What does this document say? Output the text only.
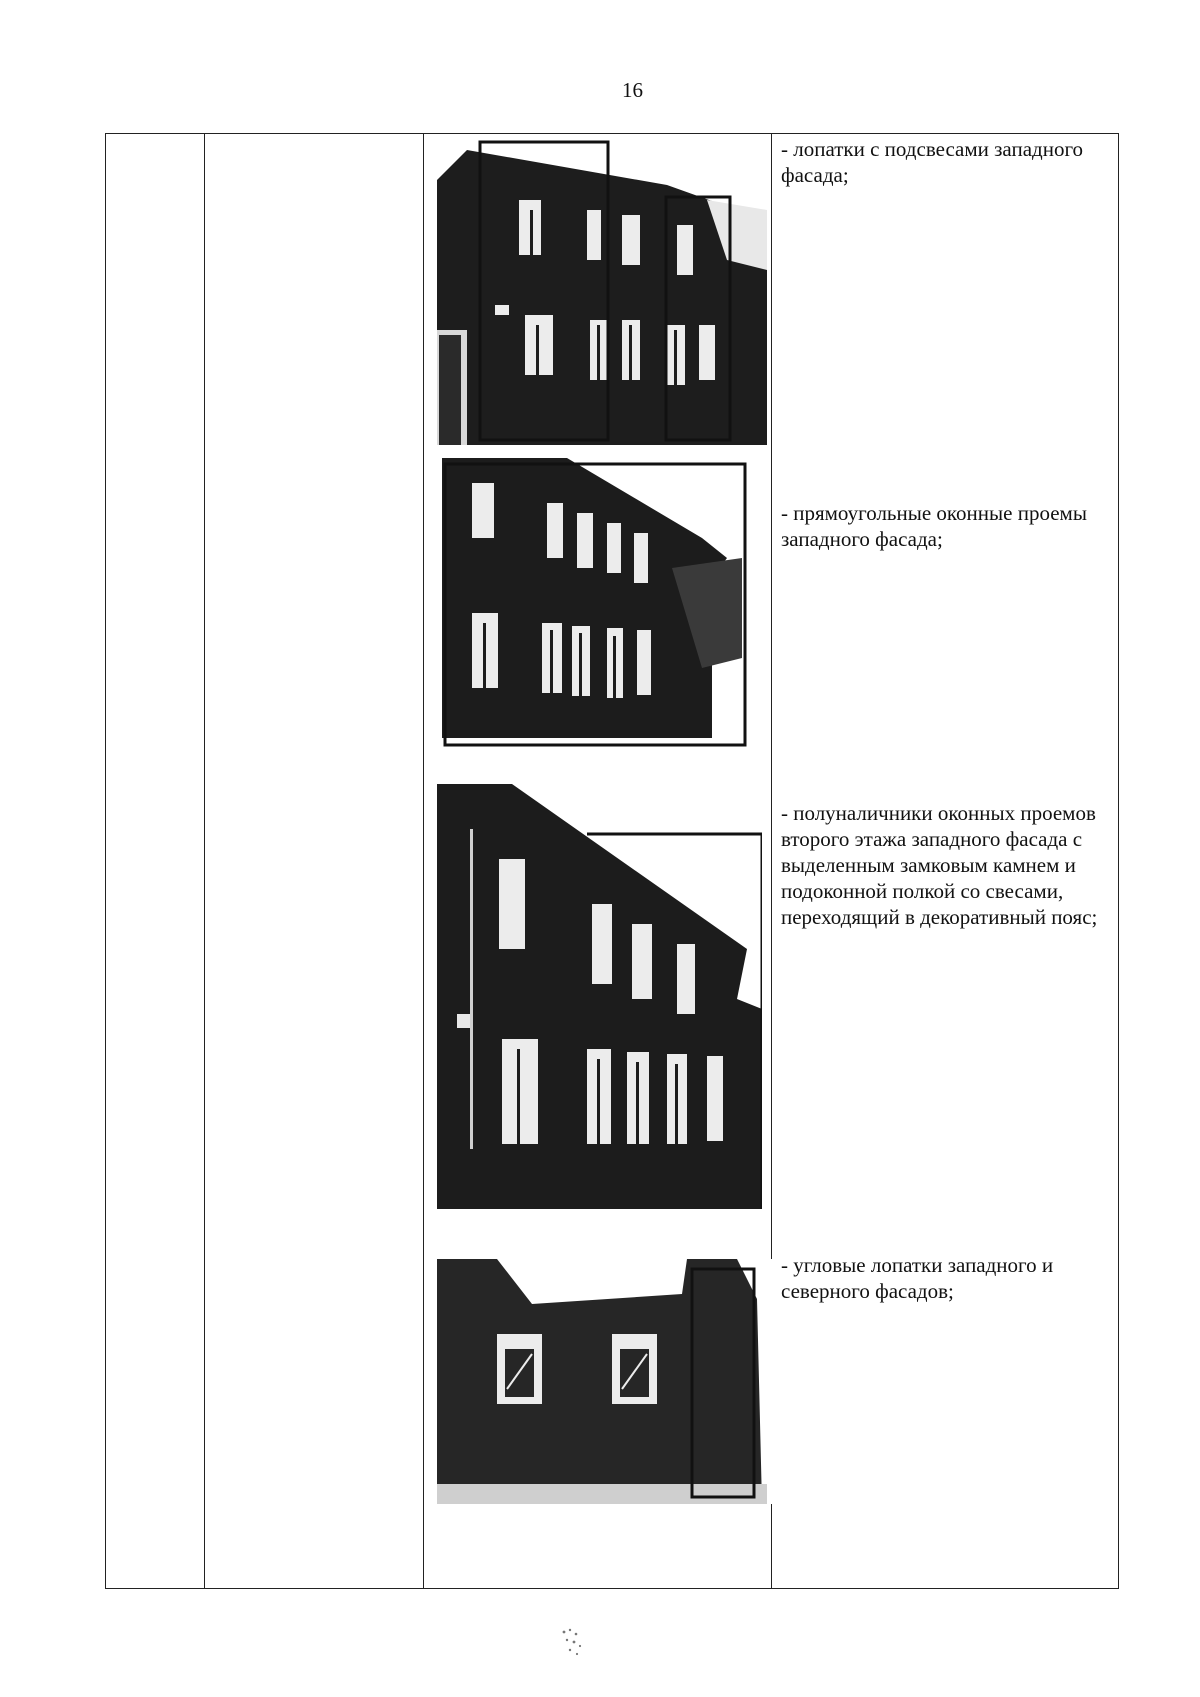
16
- лопатки с подсвесами западного фасада;
- прямоугольные оконные проемы западного фасада;
- полуналичники оконных проемов второго этажа западного фасада с выделенным замковым камнем и подоконной полкой со свесами, переходящий в декоративный пояс;
- угловые лопатки западного и северного фасадов;
